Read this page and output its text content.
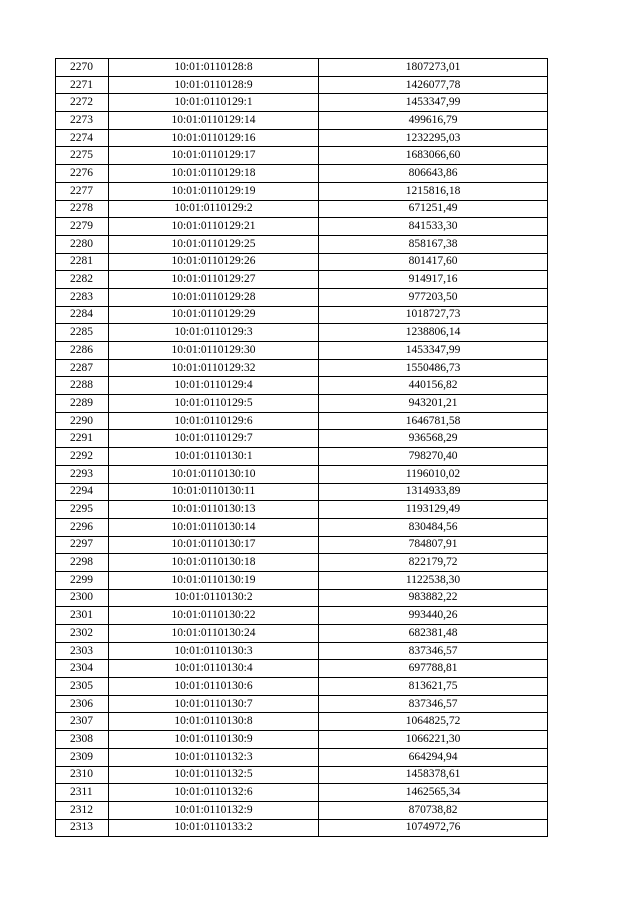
2270	10:01:0110128:8	1807273,01
2271	10:01:0110128:9	1426077,78
2272	10:01:0110129:1	1453347,99
2273	10:01:0110129:14	499616,79
2274	10:01:0110129:16	1232295,03
2275	10:01:0110129:17	1683066,60
2276	10:01:0110129:18	806643,86
2277	10:01:0110129:19	1215816,18
2278	10:01:0110129:2	671251,49
2279	10:01:0110129:21	841533,30
2280	10:01:0110129:25	858167,38
2281	10:01:0110129:26	801417,60
2282	10:01:0110129:27	914917,16
2283	10:01:0110129:28	977203,50
2284	10:01:0110129:29	1018727,73
2285	10:01:0110129:3	1238806,14
2286	10:01:0110129:30	1453347,99
2287	10:01:0110129:32	1550486,73
2288	10:01:0110129:4	440156,82
2289	10:01:0110129:5	943201,21
2290	10:01:0110129:6	1646781,58
2291	10:01:0110129:7	936568,29
2292	10:01:0110130:1	798270,40
2293	10:01:0110130:10	1196010,02
2294	10:01:0110130:11	1314933,89
2295	10:01:0110130:13	1193129,49
2296	10:01:0110130:14	830484,56
2297	10:01:0110130:17	784807,91
2298	10:01:0110130:18	822179,72
2299	10:01:0110130:19	1122538,30
2300	10:01:0110130:2	983882,22
2301	10:01:0110130:22	993440,26
2302	10:01:0110130:24	682381,48
2303	10:01:0110130:3	837346,57
2304	10:01:0110130:4	697788,81
2305	10:01:0110130:6	813621,75
2306	10:01:0110130:7	837346,57
2307	10:01:0110130:8	1064825,72
2308	10:01:0110130:9	1066221,30
2309	10:01:0110132:3	664294,94
2310	10:01:0110132:5	1458378,61
2311	10:01:0110132:6	1462565,34
2312	10:01:0110132:9	870738,82
2313	10:01:0110133:2	1074972,76
